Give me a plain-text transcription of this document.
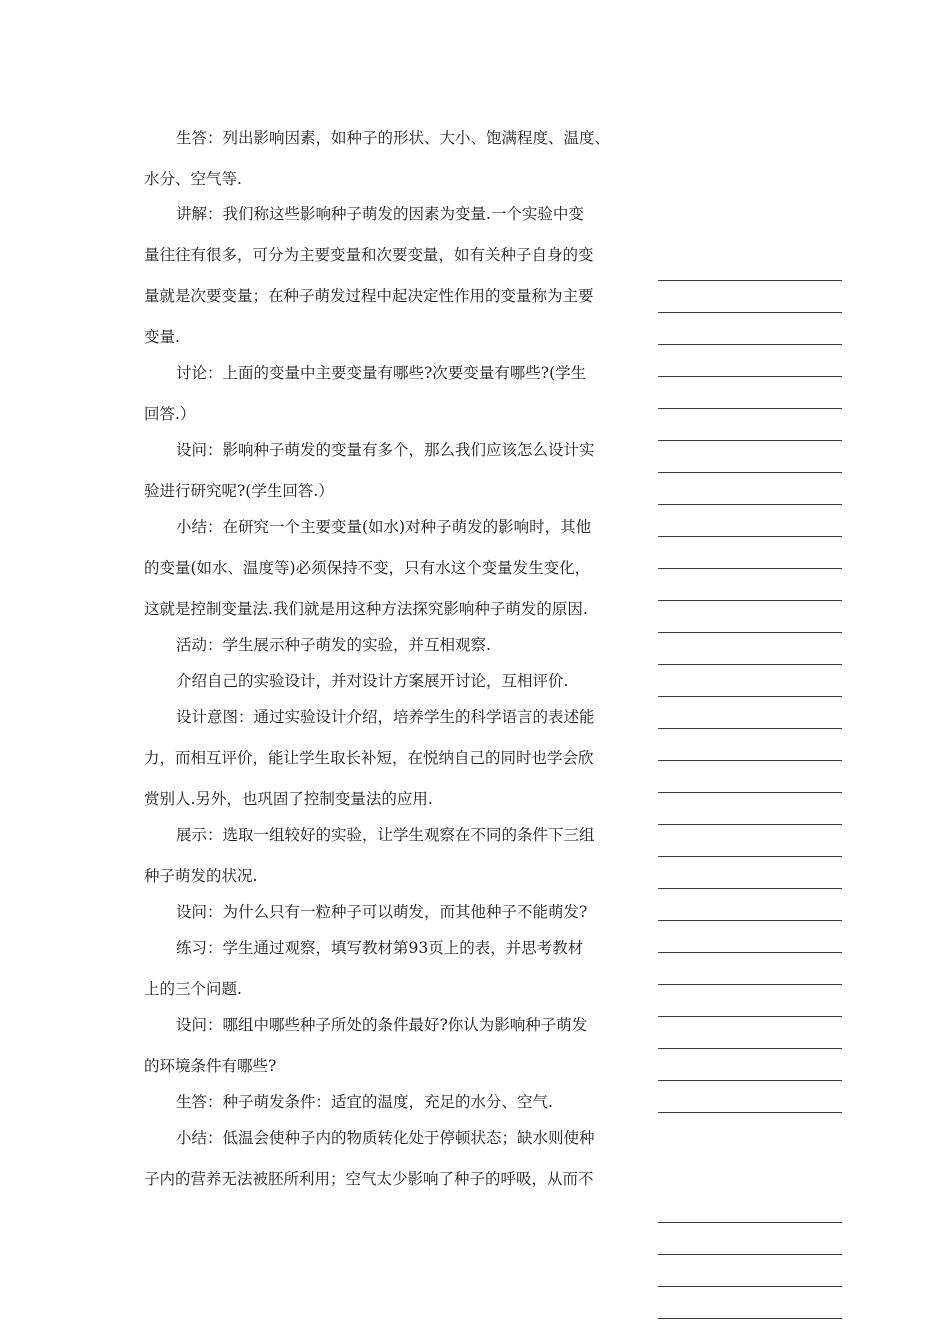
生答：列出影响因素，如种子的形状、大小、饱满程度、温度、
水分、空气等.
讲解：我们称这些影响种子萌发的因素为变量.一个实验中变
量往往有很多，可分为主要变量和次要变量，如有关种子自身的变
量就是次要变量；在种子萌发过程中起决定性作用的变量称为主要
变量.
讨论：上面的变量中主要变量有哪些?次要变量有哪些?(学生
回答.）
设问：影响种子萌发的变量有多个，那么我们应该怎么设计实
验进行研究呢?(学生回答.）
小结：在研究一个主要变量(如水)对种子萌发的影响时，其他
的变量(如水、温度等)必须保持不变，只有水这个变量发生变化，
这就是控制变量法.我们就是用这种方法探究影响种子萌发的原因.
活动：学生展示种子萌发的实验，并互相观察.
介绍自己的实验设计，并对设计方案展开讨论，互相评价.
设计意图：通过实验设计介绍，培养学生的科学语言的表述能
力，而相互评价，能让学生取长补短，在悦纳自己的同时也学会欣
赏别人.另外，也巩固了控制变量法的应用.
展示：选取一组较好的实验，让学生观察在不同的条件下三组
种子萌发的状况.
设问：为什么只有一粒种子可以萌发，而其他种子不能萌发?
练习：学生通过观察，填写教材第93页上的表，并思考教材
上的三个问题.
设问：哪组中哪些种子所处的条件最好?你认为影响种子萌发
的环境条件有哪些?
生答：种子萌发条件：适宜的温度，充足的水分、空气.
小结：低温会使种子内的物质转化处于停顿状态；缺水则使种
子内的营养无法被胚所利用；空气太少影响了种子的呼吸，从而不
